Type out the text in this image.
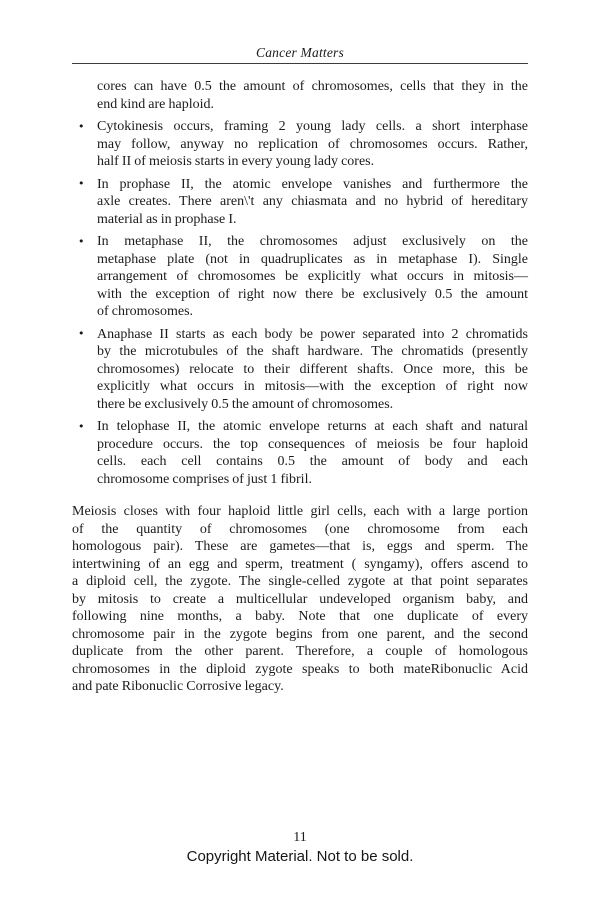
Cancer Matters
cores can have 0.5 the amount of chromosomes, cells that they in the
end kind are haploid.
• Cytokinesis occurs, framing 2 young lady cells. a short interphase
may follow, anyway no replication of chromosomes occurs. Rather,
half II of meiosis starts in every young lady cores.
• In prophase II, the atomic envelope vanishes and furthermore the
axle creates. There aren\'t any chiasmata and no hybrid of hereditary
material as in prophase I.
• In metaphase II, the chromosomes adjust exclusively on the
metaphase plate (not in quadruplicates as in metaphase I). Single
arrangement of chromosomes be explicitly what occurs in mitosis—
with the exception of right now there be exclusively 0.5 the amount
of chromosomes.
• Anaphase II starts as each body be power separated into 2 chromatids
by the microtubules of the shaft hardware. The chromatids (presently
chromosomes) relocate to their different shafts. Once more, this be
explicitly what occurs in mitosis—with the exception of right now
there be exclusively 0.5 the amount of chromosomes.
• In telophase II, the atomic envelope returns at each shaft and natural
procedure occurs. the top consequences of meiosis be four haploid
cells. each cell contains 0.5 the amount of body and each
chromosome comprises of just 1 fibril.
Meiosis closes with four haploid little girl cells, each with a large portion
of the quantity of chromosomes (one chromosome from each
homologous pair). These are gametes—that is, eggs and sperm. The
intertwining of an egg and sperm, treatment ( syngamy), offers ascend to
a diploid cell, the zygote. The single-celled zygote at that point separates
by mitosis to create a multicellular undeveloped organism baby, and
following nine months, a baby. Note that one duplicate of every
chromosome pair in the zygote begins from one parent, and the second
duplicate from the other parent. Therefore, a couple of homologous
chromosomes in the diploid zygote speaks to both mateRibonuclic Acid
and pate Ribonuclic Corrosive legacy.
11
Copyright Material. Not to be sold.
